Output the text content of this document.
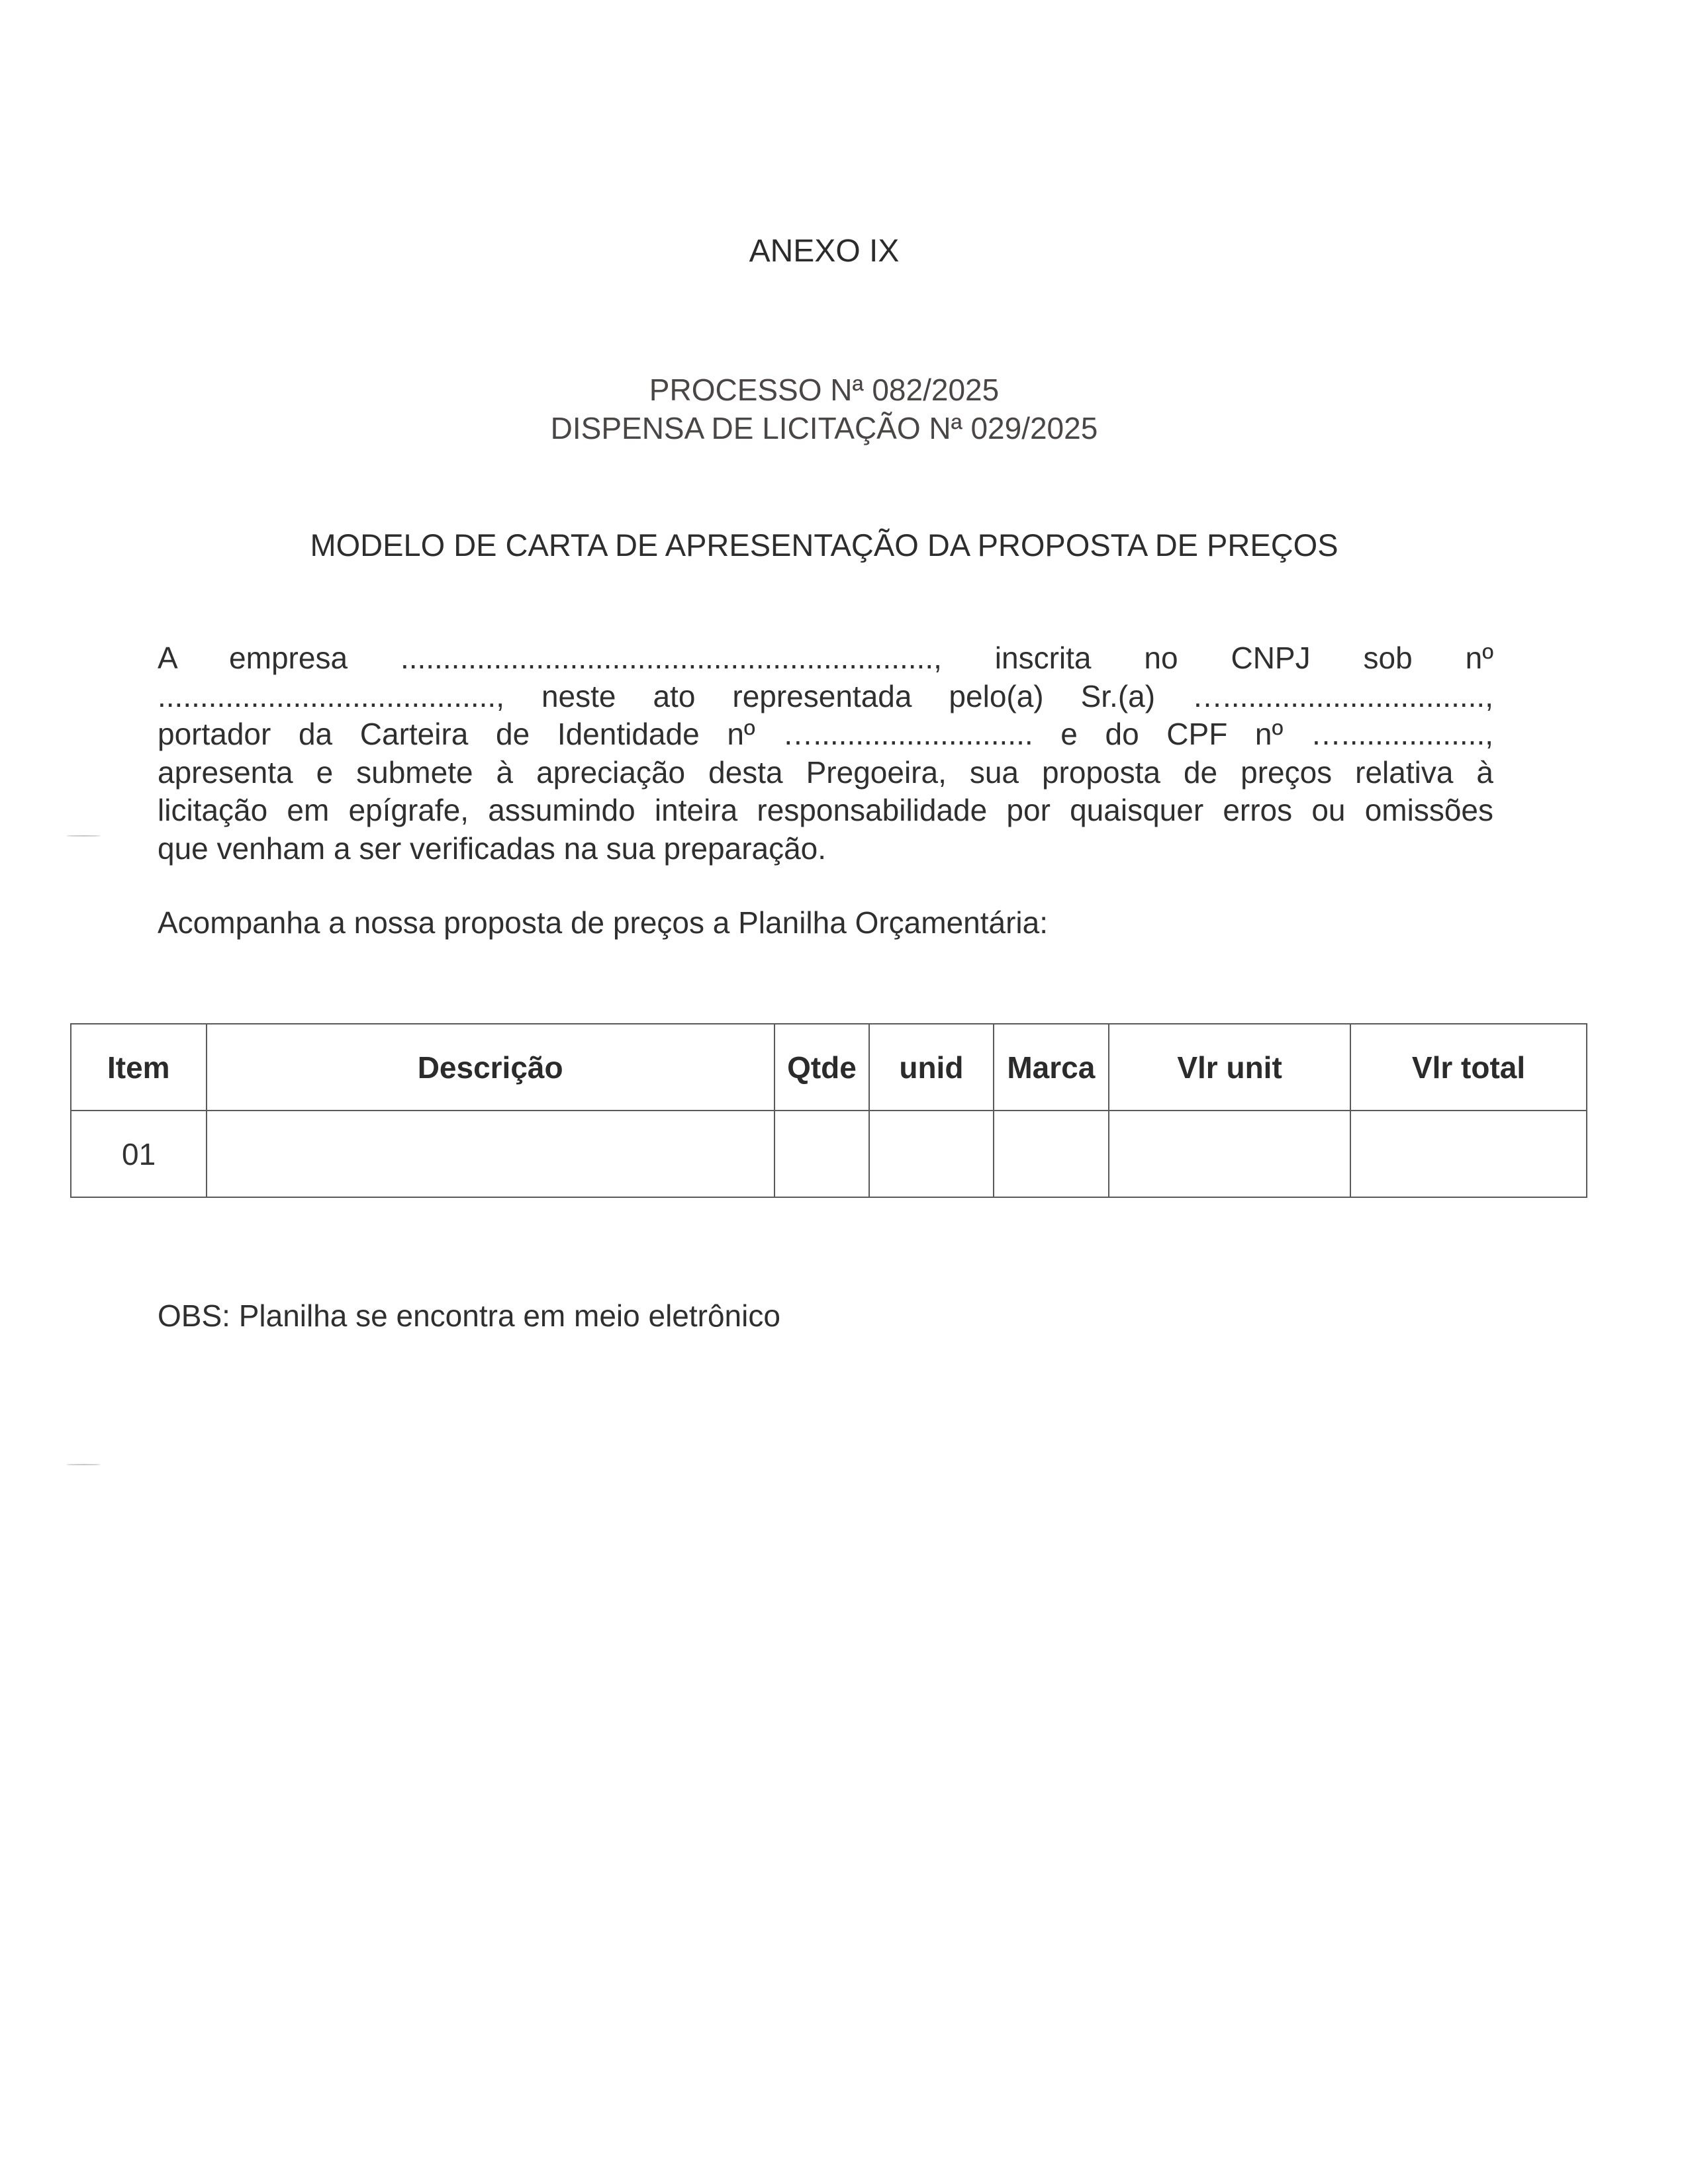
ANEXO IX
PROCESSO Nª 082/2025
DISPENSA DE LICITAÇÃO Nª 029/2025
MODELO DE CARTA DE APRESENTAÇÃO DA PROPOSTA DE PREÇOS
A empresa ..............................................................., inscrita no CNPJ sob nº
........................................, neste ato representada pelo(a) Sr.(a) …...............................,
portador da Carteira de Identidade nº ….......................... e do CPF nº ….................,
apresenta e submete à apreciação desta Pregoeira, sua proposta de preços relativa à
licitação em epígrafe, assumindo inteira responsabilidade por quaisquer erros ou omissões
que venham a ser verificadas na sua preparação.
Acompanha a nossa proposta de preços a Planilha Orçamentária:
Item	Descrição	Qtde	unid	Marca	Vlr unit	Vlr total
01						
OBS: Planilha se encontra em meio eletrônico
